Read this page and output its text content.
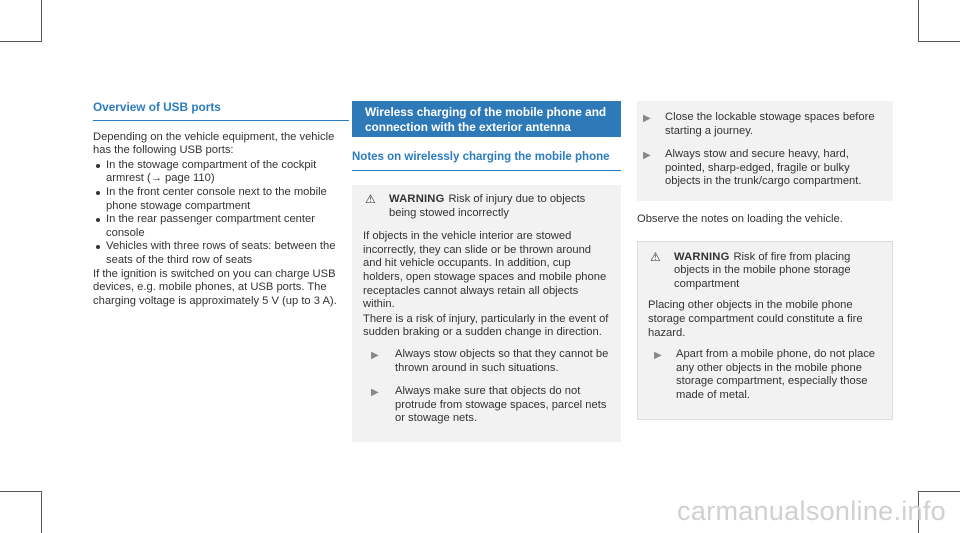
Overview of USB ports

Depending on the vehicle equipment, the vehicle has the following USB ports:

In the stowage compartment of the cockpit armrest (→ page 110)
In the front center console next to the mobile phone stowage compartment
In the rear passenger compartment center console
Vehicles with three rows of seats: between the seats of the third row of seats

If the ignition is switched on you can charge USB devices, e.g. mobile phones, at USB ports. The charging voltage is approximately 5 V (up to 3 A).

Wireless charging of the mobile phone and connection with the exterior antenna
Notes on wirelessly charging the mobile phone
⚠	WARNING Risk of injury due to objects being stowed incorrectly

If objects in the vehicle interior are stowed incorrectly, they can slide or be thrown around and hit vehicle occupants. In addition, cup holders, open stowage spaces and mobile phone receptacles cannot always retain all objects within.

There is a risk of injury, particularly in the event of sudden braking or a sudden change in direction.

▶	Always stow objects so that they cannot be thrown around in such situations.
▶	Always make sure that objects do not protrude from stowage spaces, parcel nets or stowage nets.
▶	Close the lockable stowage spaces before starting a journey.
▶	Always stow and secure heavy, hard, pointed, sharp-edged, fragile or bulky objects in the trunk/cargo compartment.

Observe the notes on loading the vehicle.

⚠	WARNING Risk of fire from placing objects in the mobile phone storage compartment

Placing other objects in the mobile phone storage compartment could constitute a fire hazard.

▶	Apart from a mobile phone, do not place any other objects in the mobile phone storage compartment, especially those made of metal.
carmanualsonline.info
